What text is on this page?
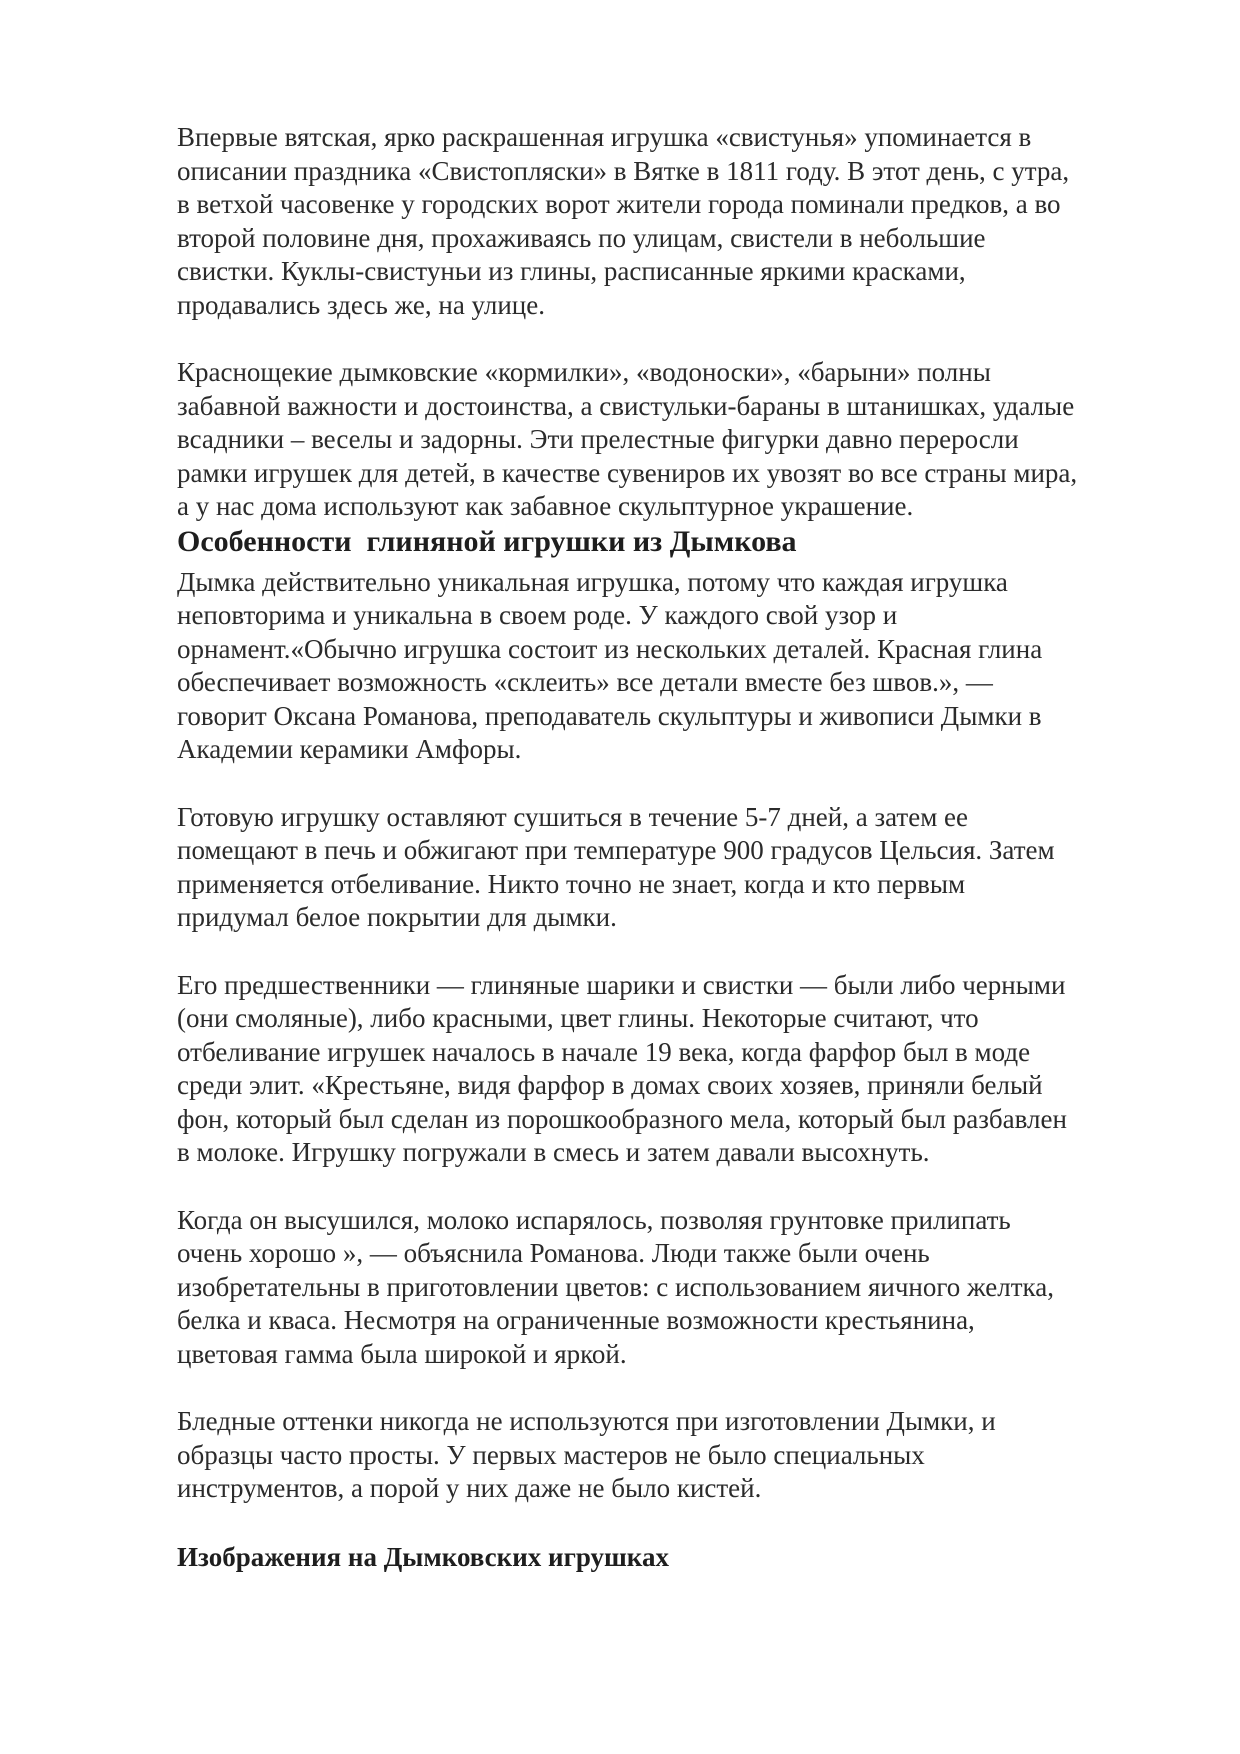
Впервые вятская, ярко раскрашенная игрушка «свистунья» упоминается в
описании праздника «Свистопляски» в Вятке в 1811 году. В этот день, с утра,
в ветхой часовенке у городских ворот жители города поминали предков, а во
второй половине дня, прохаживаясь по улицам, свистели в небольшие
свистки. Куклы-свистуньи из глины, расписанные яркими красками,
продавались здесь же, на улице.

Краснощекие дымковские «кормилки», «водоноски», «барыни» полны
забавной важности и достоинства, а свистульки-бараны в штанишках, удалые
всадники – веселы и задорны. Эти прелестные фигурки давно переросли
рамки игрушек для детей, в качестве сувениров их увозят во все страны мира,
а у нас дома используют как забавное скульптурное украшение.

Особенности  глиняной игрушки из Дымкова

Дымка действительно уникальная игрушка, потому что каждая игрушка
неповторима и уникальна в своем роде. У каждого свой узор и
орнамент.«Обычно игрушка состоит из нескольких деталей. Красная глина
обеспечивает возможность «склеить» все детали вместе без швов.», —
говорит Оксана Романова, преподаватель скульптуры и живописи Дымки в
Академии керамики Амфоры.

Готовую игрушку оставляют сушиться в течение 5-7 дней, а затем ее
помещают в печь и обжигают при температуре 900 градусов Цельсия. Затем
применяется отбеливание. Никто точно не знает, когда и кто первым
придумал белое покрытии для дымки.

Его предшественники — глиняные шарики и свистки — были либо черными
(они смоляные), либо красными, цвет глины. Некоторые считают, что
отбеливание игрушек началось в начале 19 века, когда фарфор был в моде
среди элит. «Крестьяне, видя фарфор в домах своих хозяев, приняли белый
фон, который был сделан из порошкообразного мела, который был разбавлен
в молоке. Игрушку погружали в смесь и затем давали высохнуть.

Когда он высушился, молоко испарялось, позволяя грунтовке прилипать
очень хорошо », — объяснила Романова. Люди также были очень
изобретательны в приготовлении цветов: с использованием яичного желтка,
белка и кваса. Несмотря на ограниченные возможности крестьянина,
цветовая гамма была широкой и яркой.

Бледные оттенки никогда не используются при изготовлении Дымки, и
образцы часто просты. У первых мастеров не было специальных
инструментов, а порой у них даже не было кистей.

Изображения на Дымковских игрушках
